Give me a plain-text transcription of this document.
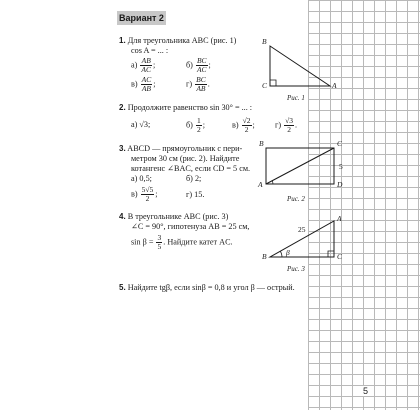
Вариант 2
1. Для треугольника ABC (рис. 1)
cos A = ... :
$а) \frac{AB}{AC}$ ;	$б) \frac{BC}{AC}$ ;
$в) \frac{AC}{AB}$ ;	$г) \frac{BC}{AB}$ .
B
C	A
Рис. 1
2. Продолжите равенство sin 30° = ... :
а) √3;	$б) \frac{1}{2}$ ;	$в) \frac{√2}{2}$ ; $г) \frac{√3}{2}$ .
3. ABCD — прямоугольник с пери-
метром 30 см (рис. 2). Найдите
котангенс ∠BAC, если CD = 5 см.
а) 0,5;	б) 2;
$в) \frac{5√5}{2}$ ;	г) 15.
B	C
A	D
5
Рис. 2
4. В треугольнике ABC (рис. 3)
∠C = 90°, гипотенуза AB = 25 см,
$\sin \beta = \frac{3}{5}$ . Найдите катет AC.
A
B	C
25
β
Рис. 3
5. Найдите tgβ, если sinβ = 0,8 и угол β — острый.
5
